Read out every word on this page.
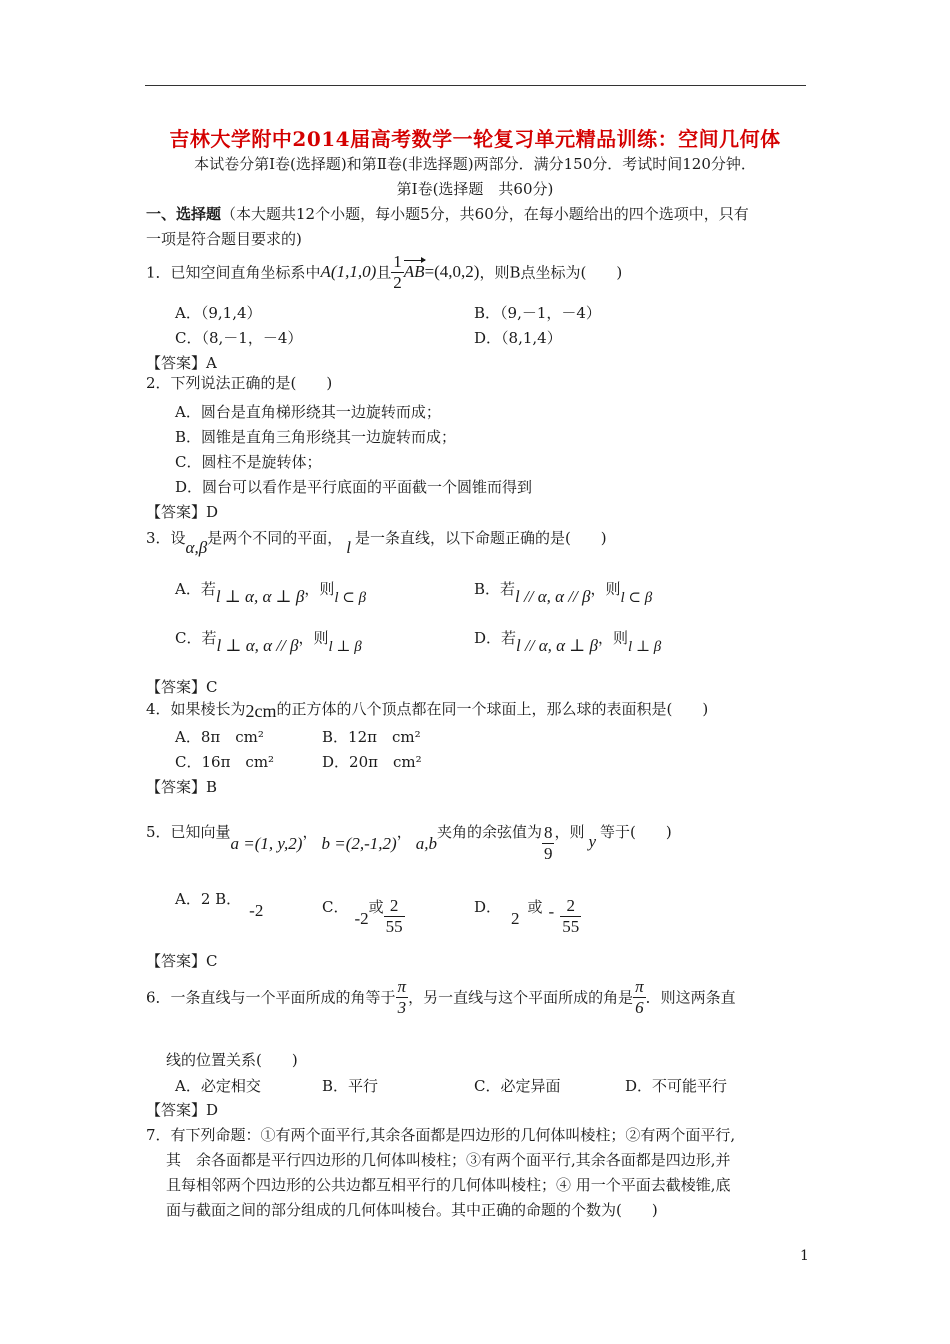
吉林大学附中2014届高考数学一轮复习单元精品训练：空间几何体
本试卷分第Ⅰ卷(选择题)和第Ⅱ卷(非选择题)两部分．满分150分．考试时间120分钟．
第Ⅰ卷(选择题　共60分)
一、选择题（本大题共12个小题，每小题5分，共60分，在每小题给出的四个选项中，只有
一项是符合题目要求的)
1．已知空间直角坐标系中A(1,1,0)且 $\frac{1}{2} AB=(4,0,2)$，则B点坐标为(　　)
A．（9,1,4）	B．（9,－1，－4）
C．（8,－1，－4）	D．（8,1,4）
【答案】A
2．下列说法正确的是(　　)
A．圆台是直角梯形绕其一边旋转而成；
B．圆锥是直角三角形绕其一边旋转而成；
C．圆柱不是旋转体；
D．圆台可以看作是平行底面的平面截一个圆锥而得到
【答案】D
3．设α,β是两个不同的平面， l 是一条直线，以下命题正确的是(　　)
A．若l ⊥ α, α ⊥ β，则l ⊂ β	B．若l // α, α // β，则l ⊂ β
C．若l ⊥ α, α // β，则l ⊥ β	D．若l // α, α ⊥ β，则l ⊥ β
【答案】C
4．如果棱长为2cm的正方体的八个顶点都在同一个球面上，那么球的表面积是(　　)
A．8π　cm²	B．12π　cm²
C．16π　cm²	D．20π　cm²
【答案】B
5．已知向量a =(1, y,2)，b =(2,-1,2)，a,b夹角的余弦值为 $\frac{8}{9}$ ，则 y 等于(　　)
A．2 B．-2	C．-2或 $\frac{2}{55}$	D．2或 - $\frac{2}{55}$
【答案】C
6．一条直线与一个平面所成的角等于 $\frac{\pi}{3}$ ，另一直线与这个平面所成的角是 $\frac{\pi}{6}$ ．则这两条直
线的位置关系(　　)
A．必定相交	B．平行	C．必定异面	D．不可能平行
【答案】D
7．有下列命题：①有两个面平行,其余各面都是四边形的几何体叫棱柱；②有两个面平行,
其　余各面都是平行四边形的几何体叫棱柱；③有两个面平行,其余各面都是四边形,并
且每相邻两个四边形的公共边都互相平行的几何体叫棱柱；④ 用一个平面去截棱锥,底
面与截面之间的部分组成的几何体叫棱台。其中正确的命题的个数为(　　)
1
